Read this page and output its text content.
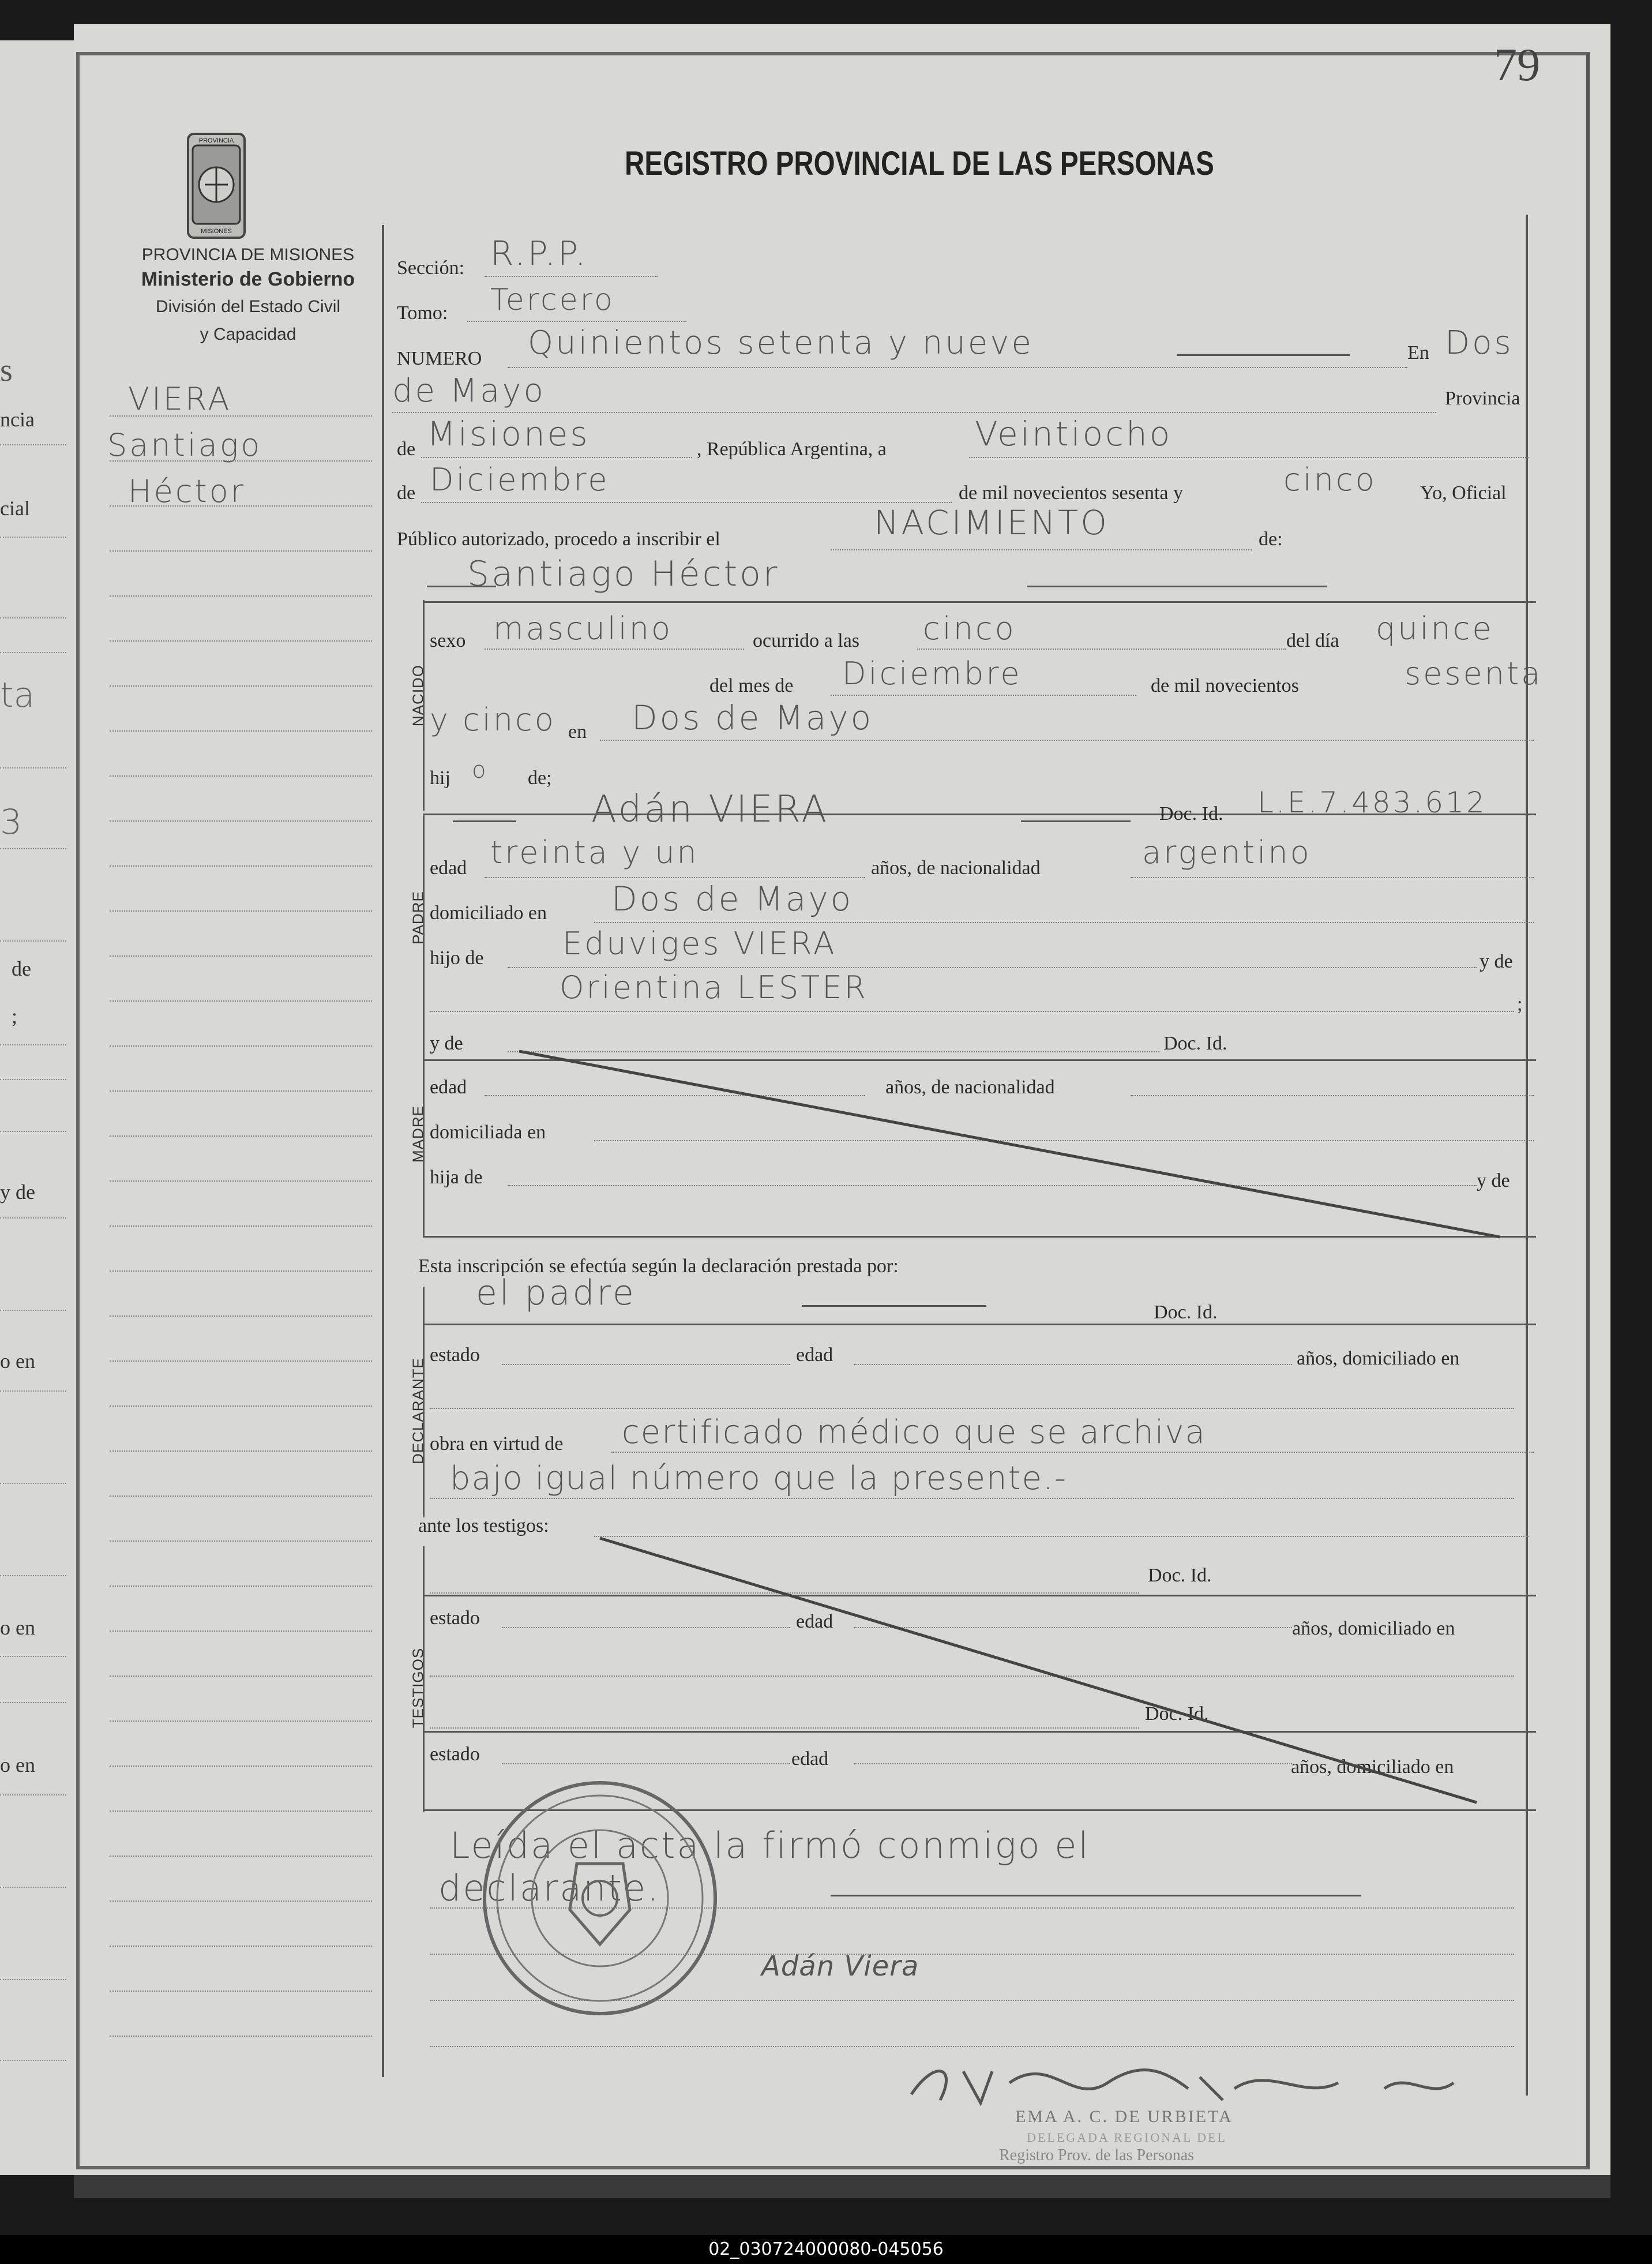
s
ncia
cial
ta
3
de
;
y de
o en
o en
o en
79
REGISTRO PROVINCIAL DE LAS PERSONAS
PROVINCIA
MISIONES
PROVINCIA DE MISIONES
Ministerio de Gobierno
División del Estado Civil
y Capacidad
VIERA
Santiago
Héctor
Sección: R.P.P.
Tomo: Tercero
NUMERO Quinientos setenta y nueve	En Dos
de Mayo	Provincia
de Misiones	, República Argentina, a	Veintiocho
de Diciembre	de mil novecientos sesenta y	cinco Yo, Oficial
Público autorizado, procedo a inscribir el	NACIMIENTO	de:
Santiago Héctor
NACIDO
sexo masculino	ocurrido a las cinco	del día quince
del mes de Diciembre	de mil novecientos	sesenta
y cinco en Dos de Mayo
hij o de;
PADRE
Adán VIERA	Doc. Id. L.E.7.483.612
edad treinta y un	años, de nacionalidad	argentino
domiciliado en Dos de Mayo
hijo de	Eduviges VIERA	y de
Orientina LESTER	;
MADRE
y de	Doc. Id.
edad	años, de nacionalidad
domiciliada en
hija de	y de
Esta inscripción se efectúa según la declaración prestada por:
DECLARANTE
el padre	Doc. Id.
estado	edad	años, domiciliado en
obra en virtud de certificado médico que se archiva
bajo igual número que la presente.-
ante los testigos:
TESTIGOS
Doc. Id.
estado	edad	años, domiciliado en
Doc. Id.
estado	edad	años, domiciliado en
Leída el acta la firmó conmigo el
declarante.
Adán Viera
EMA A. C. DE URBIETA
DELEGADA REGIONAL DEL
Registro Prov. de las Personas
02_030724000080-045056
